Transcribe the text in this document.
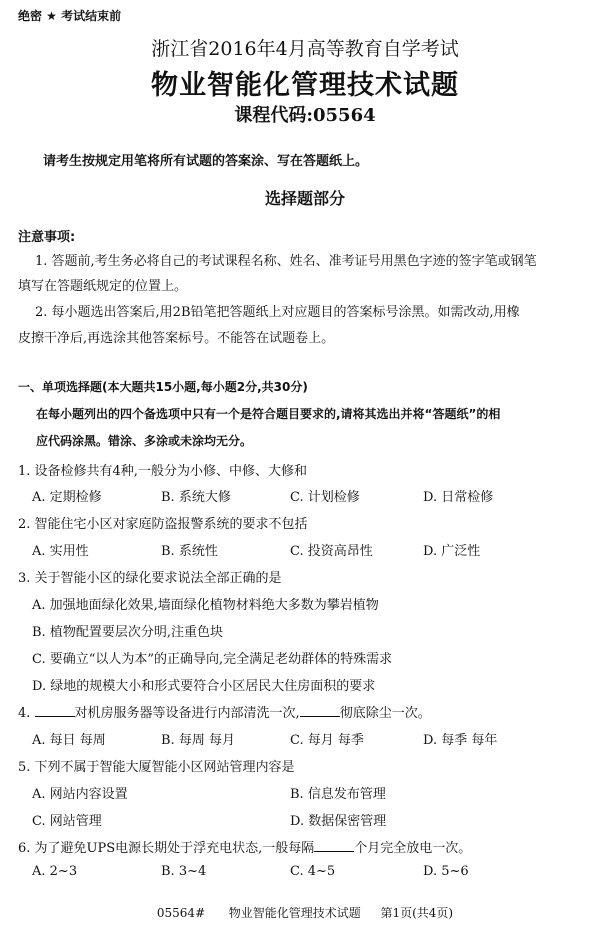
绝密 ★ 考试结束前
浙江省2016年4月高等教育自学考试
物业智能化管理技术试题
课程代码:05564
请考生按规定用笔将所有试题的答案涂、写在答题纸上。
选择题部分
注意事项:
1. 答题前,考生务必将自己的考试课程名称、姓名、准考证号用黑色字迹的签字笔或钢笔
填写在答题纸规定的位置上。
2. 每小题选出答案后,用2B铅笔把答题纸上对应题目的答案标号涂黑。如需改动,用橡
皮擦干净后,再选涂其他答案标号。不能答在试题卷上。
一、单项选择题(本大题共15小题,每小题2分,共30分)
在每小题列出的四个备选项中只有一个是符合题目要求的,请将其选出并将“答题纸”的相
应代码涂黑。错涂、多涂或未涂均无分。
1. 设备检修共有4种,一般分为小修、中修、大修和
A. 定期检修	B. 系统大修	C. 计划检修	D. 日常检修
2. 智能住宅小区对家庭防盗报警系统的要求不包括
A. 实用性	B. 系统性	C. 投资高昂性	D. 广泛性
3. 关于智能小区的绿化要求说法全部正确的是
A. 加强地面绿化效果,墙面绿化植物材料绝大多数为攀岩植物
B. 植物配置要层次分明,注重色块
C. 要确立“以人为本”的正确导向,完全满足老幼群体的特殊需求
D. 绿地的规模大小和形式要符合小区居民大住房面积的要求
4.	对机房服务器等设备进行内部清洗一次,	彻底除尘一次。
A. 每日 每周	B. 每周 每月	C. 每月 每季	D. 每季 每年
5. 下列不属于智能大厦智能小区网站管理内容是
A. 网站内容设置	B. 信息发布管理
C. 网站管理	D. 数据保密管理
6. 为了避免UPS电源长期处于浮充电状态,一般每隔	个月完全放电一次。
A. 2~3	B. 3~4	C. 4~5	D. 5~6
05564# 物业智能化管理技术试题 第1页(共4页)
